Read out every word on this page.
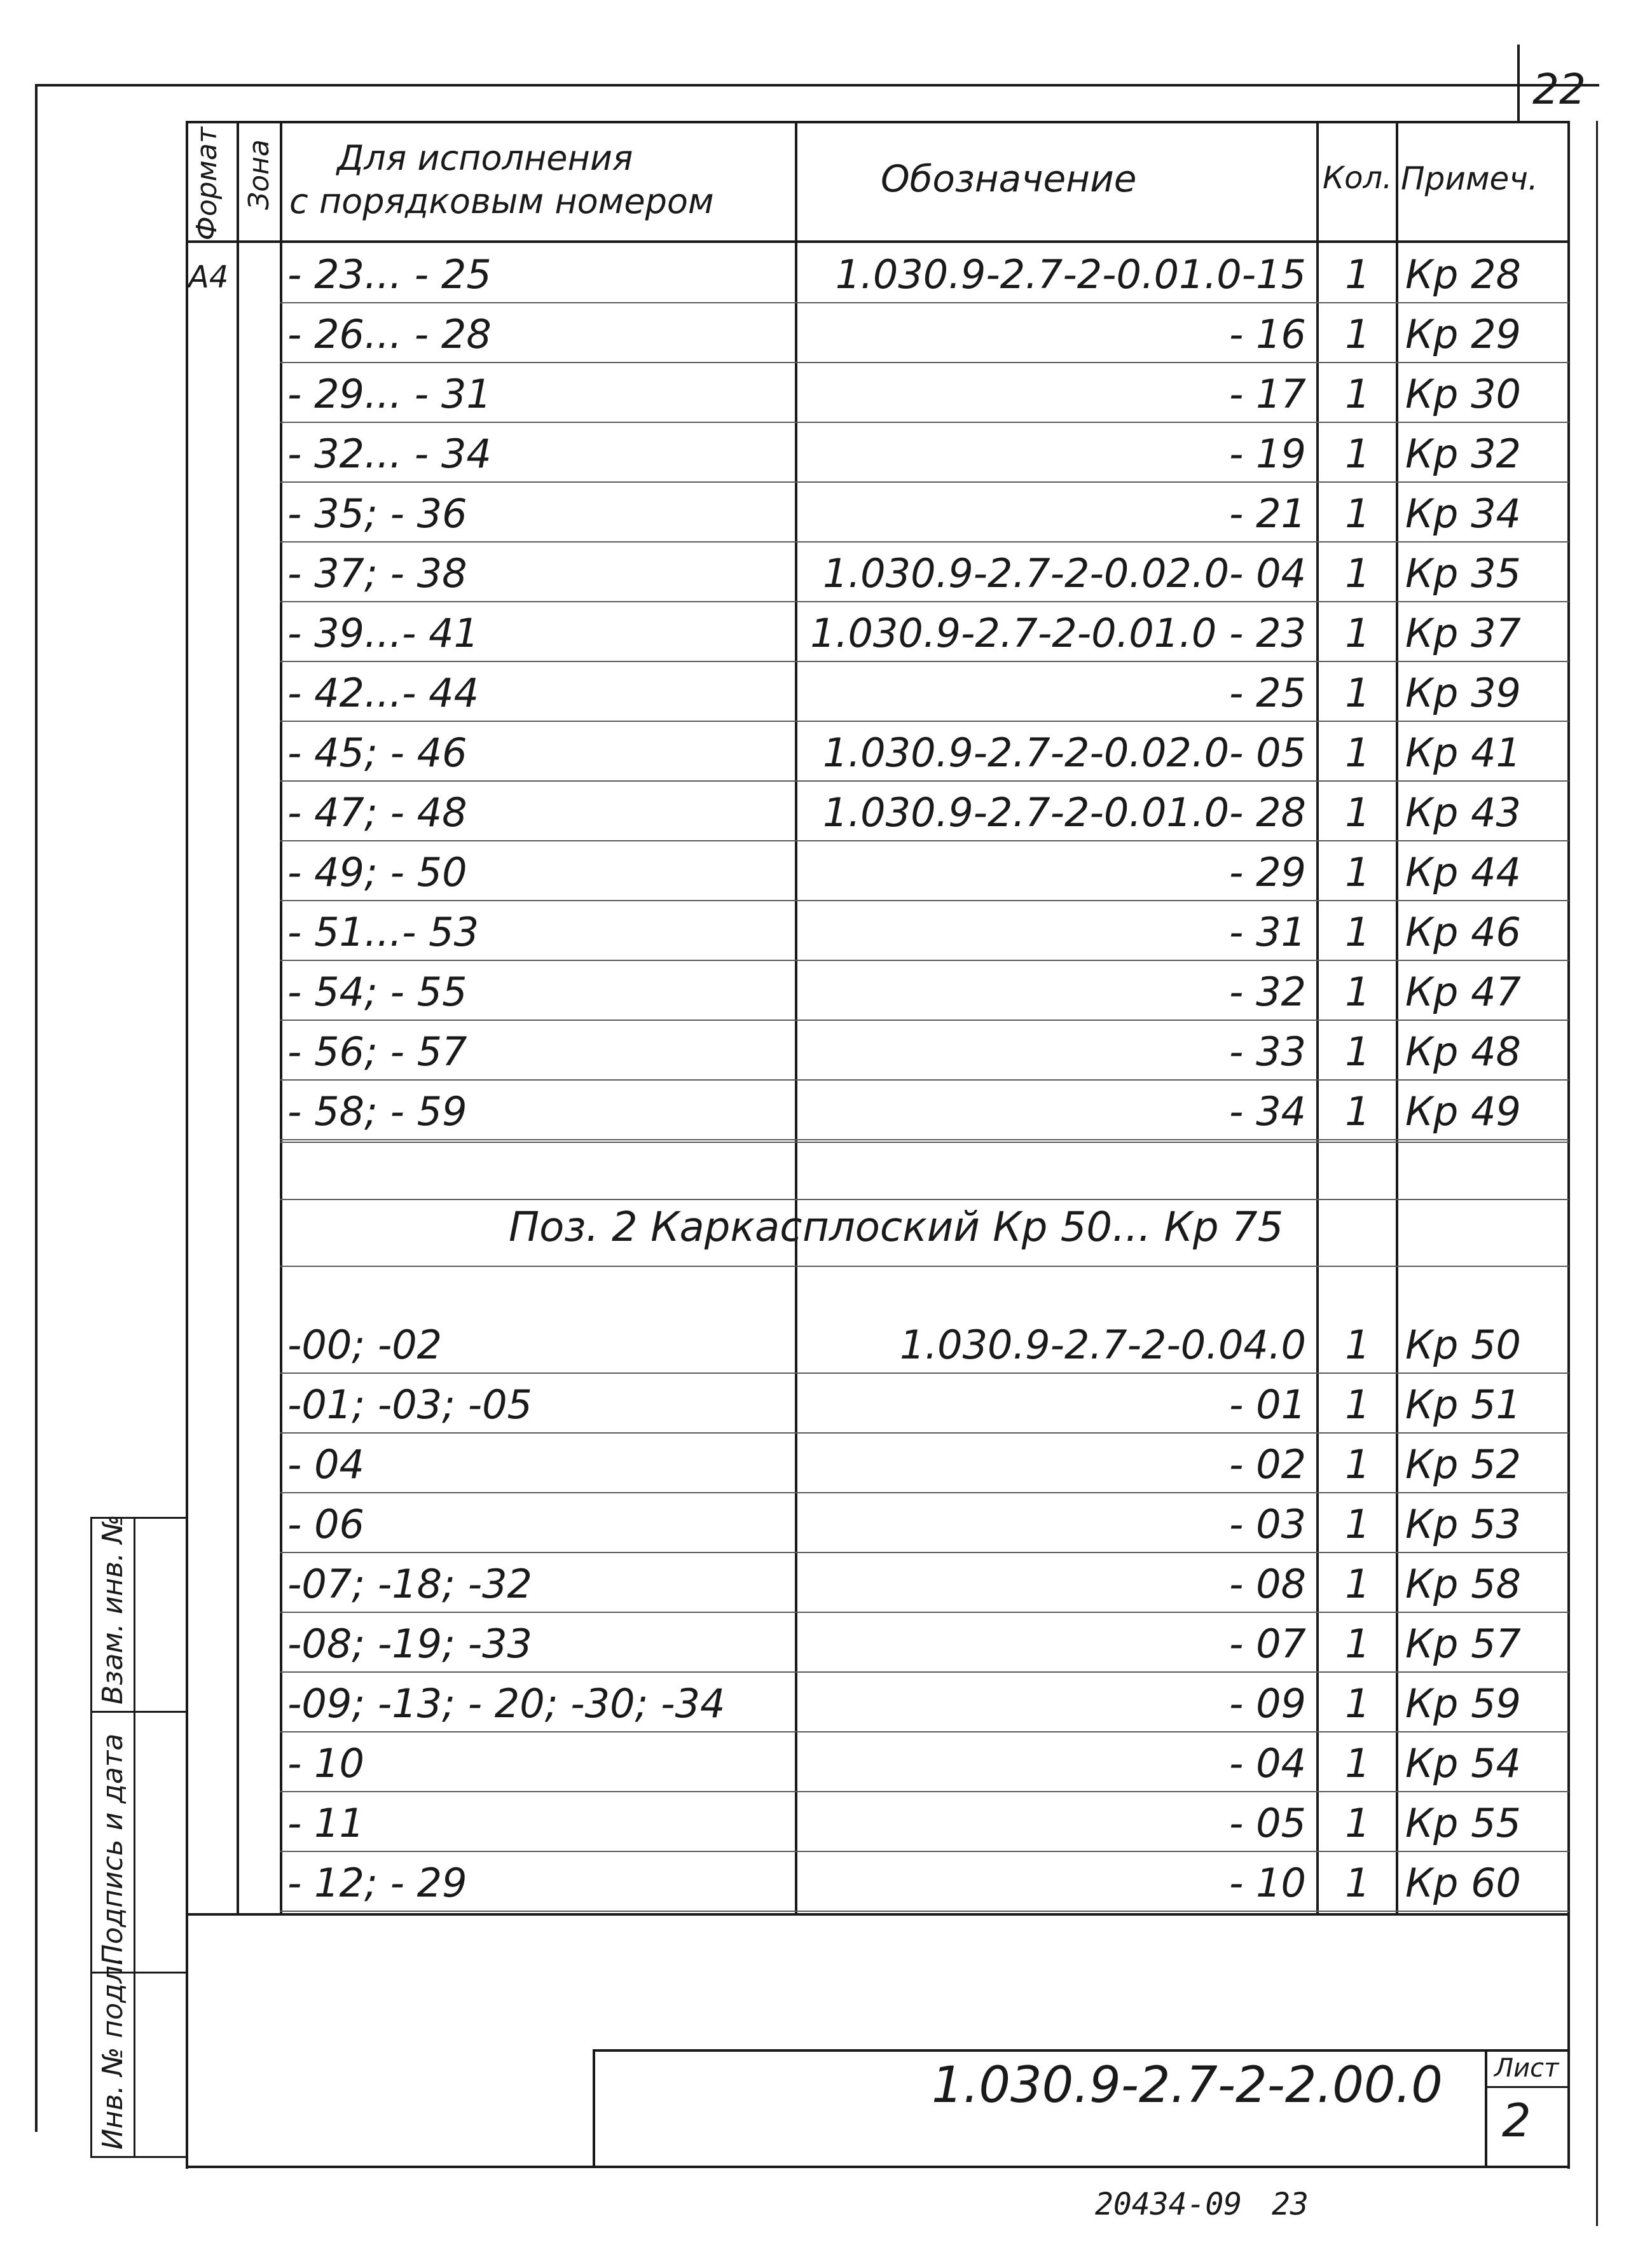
22
Формат Зона Для исполнения
с порядковым номером
Обозначение	Кол. Примеч.
А4 - 23... - 25	1.030.9-2.7-2-0.01.0-15 1 Кр 28
- 26... - 28	- 16 1 Кр 29
- 29... - 31	- 17 1 Кр 30
- 32... - 34	- 19 1 Кр 32
- 35; - 36	- 21 1 Кр 34
- 37; - 38	1.030.9-2.7-2-0.02.0- 04 1 Кр 35
- 39...- 41	1.030.9-2.7-2-0.01.0 - 23 1 Кр 37
- 42...- 44	- 25 1 Кр 39
- 45; - 46	1.030.9-2.7-2-0.02.0- 05 1 Кр 41
- 47; - 48	1.030.9-2.7-2-0.01.0- 28 1 Кр 43
- 49; - 50	- 29 1 Кр 44
- 51...- 53	- 31 1 Кр 46
- 54; - 55	- 32 1 Кр 47
- 56; - 57	- 33 1 Кр 48
- 58; - 59	- 34 1 Кр 49
Поз. 2 Каркас плоский Кр 50... Кр 75
-00; -02	1.030.9-2.7-2-0.04.0 1 Кр 50
-01; -03; -05	- 01 1 Кр 51
- 04	- 02 1 Кр 52
- 06	- 03 1 Кр 53
-07; -18; -32	- 08 1 Кр 58
-08; -19; -33	- 07 1 Кр 57
-09; -13; - 20; -30; -34	- 09 1 Кр 59
- 10	- 04 1 Кр 54
- 11	- 05 1 Кр 55
- 12; - 29	- 10 1 Кр 60
Взам. инв. №
Подпись и дата
Инв. № подл.	1.030.9-2.7-2-2.00.0 Лист
2
20434-09 23
